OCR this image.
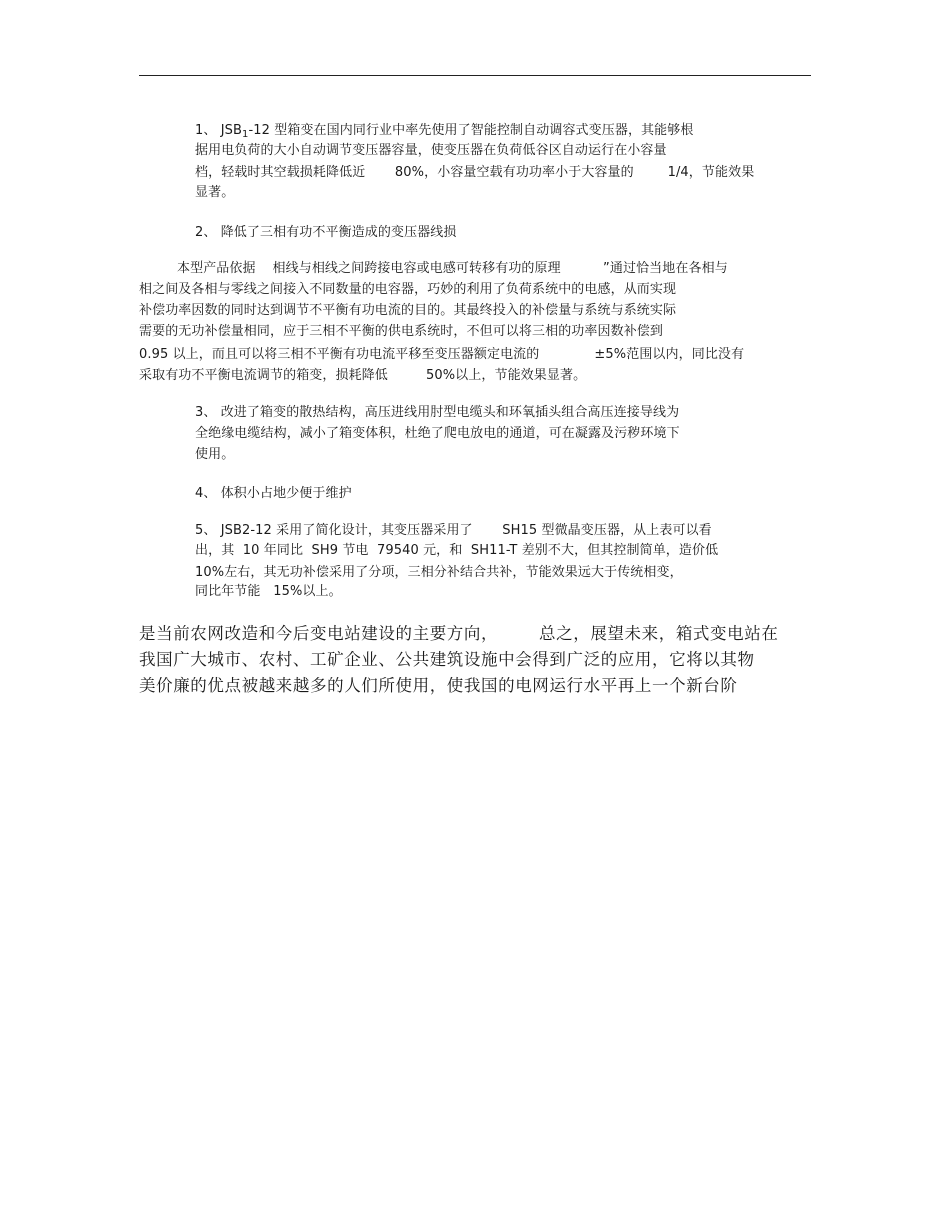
1、 $JSB_1-12$ 型箱变在国内同行业中率先使用了智能控制自动调容式变压器，其能够根
据用电负荷的大小自动调节变压器容量，使变压器在负荷低谷区自动运行在小容量
档，轻载时其空载损耗降低近       80%，小容量空载有功功率小于大容量的        1/4，节能效果
显著。
2、 降低了三相有功不平衡造成的变压器线损
本型产品依据    相线与相线之间跨接电容或电感可转移有功的原理          ”通过恰当地在各相与
相之间及各相与零线之间接入不同数量的电容器，巧妙的利用了负荷系统中的电感，从而实现
补偿功率因数的同时达到调节不平衡有功电流的目的。其最终投入的补偿量与系统与系统实际
需要的无功补偿量相同，应于三相不平衡的供电系统时，不但可以将三相的功率因数补偿到
0.95 以上，而且可以将三相不平衡有功电流平移至变压器额定电流的             ±5%范围以内，同比没有
采取有功不平衡电流调节的箱变，损耗降低         50%以上，节能效果显著。
3、 改进了箱变的散热结构，高压进线用肘型电缆头和环氧插头组合高压连接导线为
全绝缘电缆结构，减小了箱变体积，杜绝了爬电放电的通道，可在凝露及污秽环境下
使用。
4、 体积小占地少便于维护
5、 JSB2-12 采用了简化设计，其变压器采用了       SH15 型微晶变压器，从上表可以看
出，其  10 年同比  SH9 节电  79540 元，和  SH11-T 差别不大，但其控制简单，造价低
10%左右，其无功补偿采用了分项，三相分补结合共补，节能效果远大于传统相变，
同比年节能   15%以上。
是当前农网改造和今后变电站建设的主要方向，       总之，展望未来，箱式变电站在
我国广大城市、农村、工矿企业、公共建筑设施中会得到广泛的应用，它将以其物
美价廉的优点被越来越多的人们所使用，使我国的电网运行水平再上一个新台阶
